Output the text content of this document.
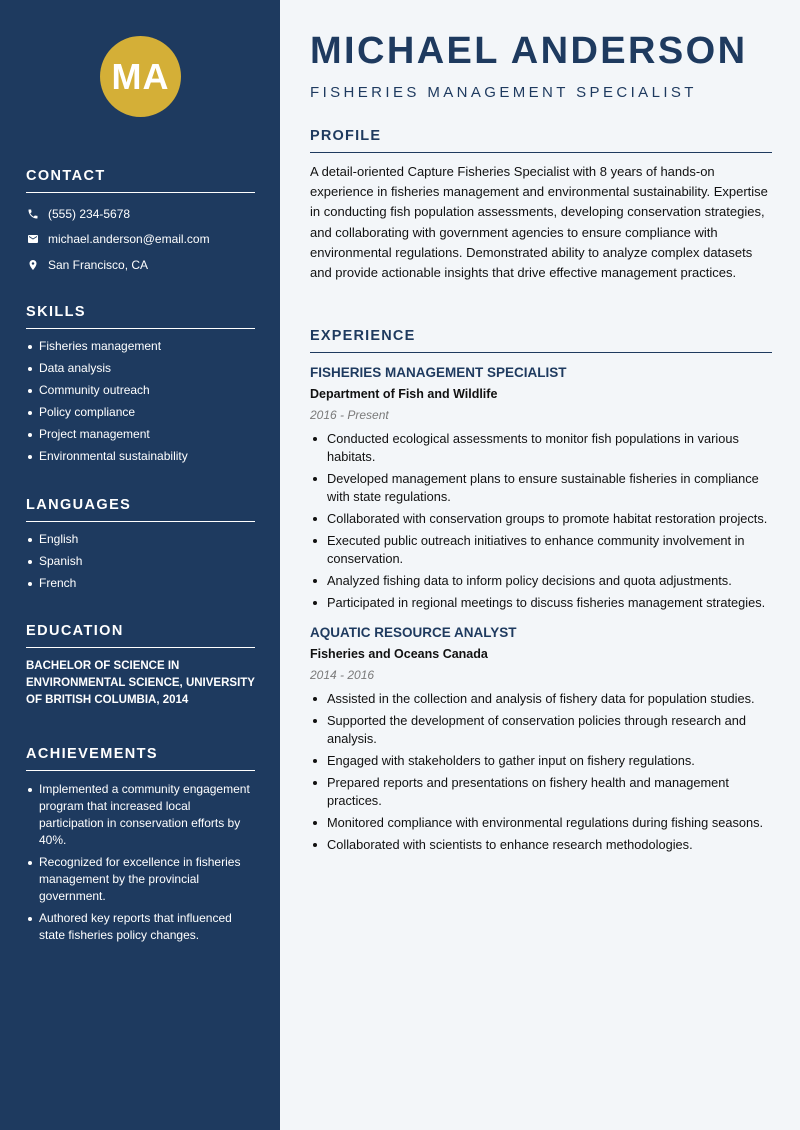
MA
CONTACT
(555) 234-5678
michael.anderson@email.com
San Francisco, CA
SKILLS
Fisheries management
Data analysis
Community outreach
Policy compliance
Project management
Environmental sustainability
LANGUAGES
English
Spanish
French
EDUCATION
BACHELOR OF SCIENCE IN ENVIRONMENTAL SCIENCE, UNIVERSITY OF BRITISH COLUMBIA, 2014
ACHIEVEMENTS
Implemented a community engagement program that increased local participation in conservation efforts by 40%.
Recognized for excellence in fisheries management by the provincial government.
Authored key reports that influenced state fisheries policy changes.
MICHAEL ANDERSON
FISHERIES MANAGEMENT SPECIALIST
PROFILE

A detail-oriented Capture Fisheries Specialist with 8 years of hands-on experience in fisheries management and environmental sustainability. Expertise in conducting fish population assessments, developing conservation strategies, and collaborating with government agencies to ensure compliance with environmental regulations. Demonstrated ability to analyze complex datasets and provide actionable insights that drive effective management practices.

EXPERIENCE
FISHERIES MANAGEMENT SPECIALIST
Department of Fish and Wildlife
2016 - Present
Conducted ecological assessments to monitor fish populations in various habitats.
Developed management plans to ensure sustainable fisheries in compliance with state regulations.
Collaborated with conservation groups to promote habitat restoration projects.
Executed public outreach initiatives to enhance community involvement in conservation.
Analyzed fishing data to inform policy decisions and quota adjustments.
Participated in regional meetings to discuss fisheries management strategies.
AQUATIC RESOURCE ANALYST
Fisheries and Oceans Canada
2014 - 2016
Assisted in the collection and analysis of fishery data for population studies.
Supported the development of conservation policies through research and analysis.
Engaged with stakeholders to gather input on fishery regulations.
Prepared reports and presentations on fishery health and management practices.
Monitored compliance with environmental regulations during fishing seasons.
Collaborated with scientists to enhance research methodologies.
